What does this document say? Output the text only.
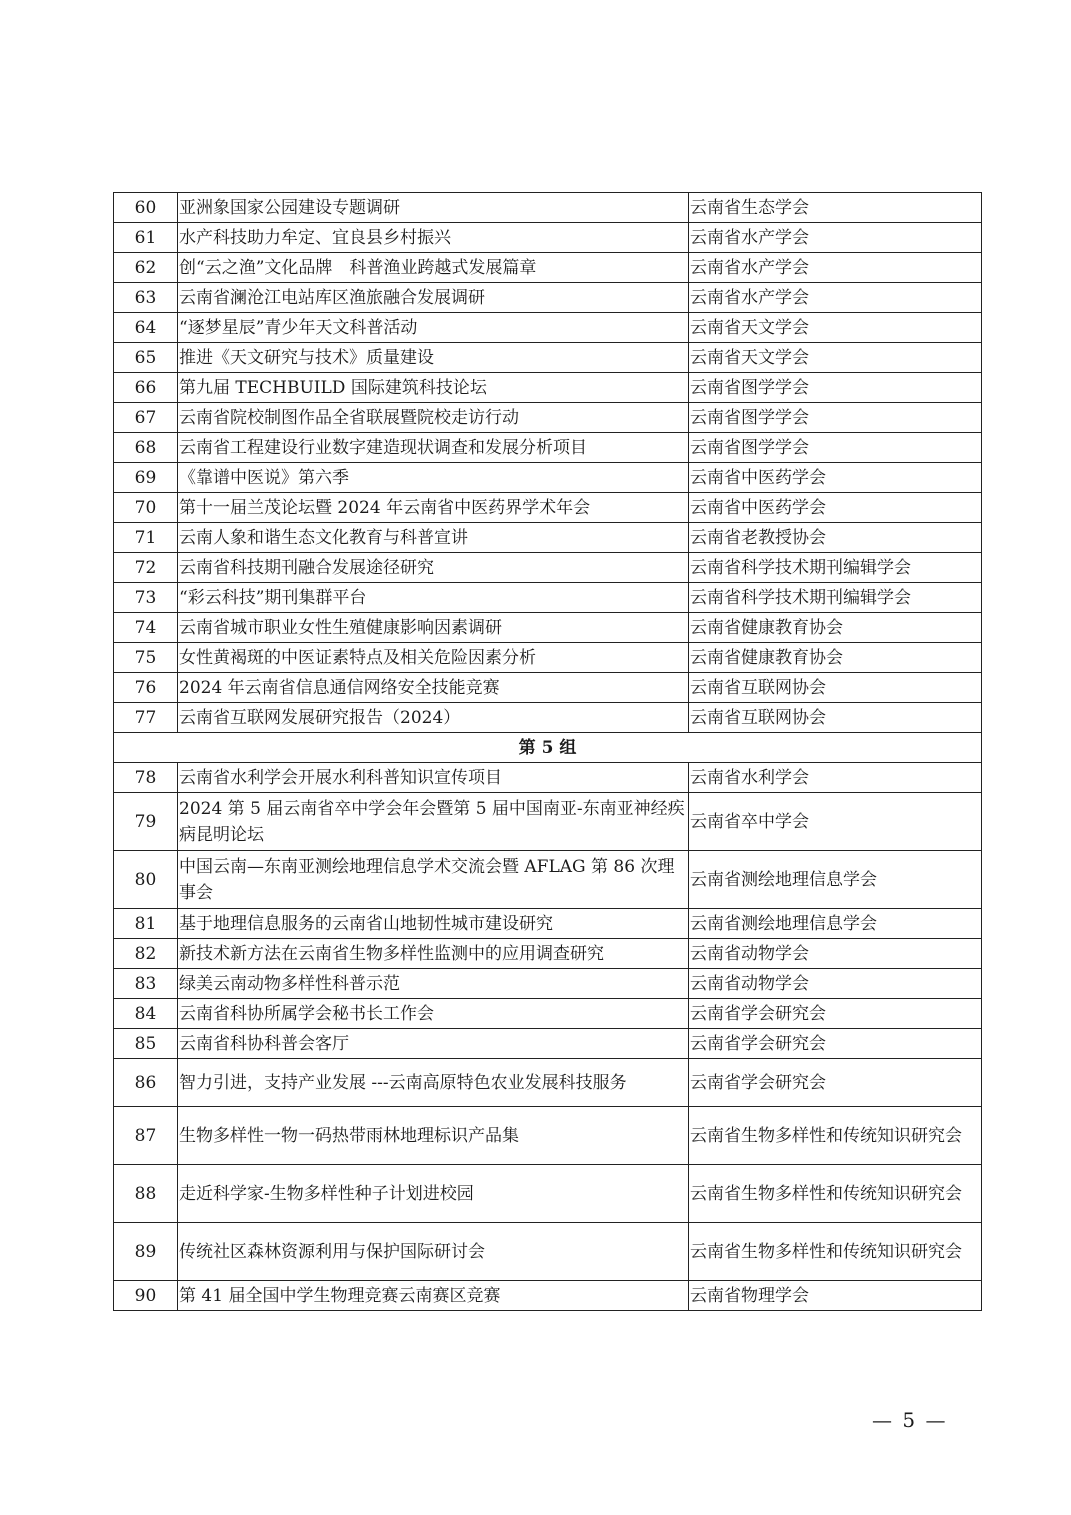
60	亚洲象国家公园建设专题调研	云南省生态学会
61	水产科技助力牟定、宜良县乡村振兴	云南省水产学会
62	创“云之渔”文化品牌　科普渔业跨越式发展篇章	云南省水产学会
63	云南省澜沧江电站库区渔旅融合发展调研	云南省水产学会
64	“逐梦星辰”青少年天文科普活动	云南省天文学会
65	推进《天文研究与技术》质量建设	云南省天文学会
66	第九届 TECHBUILD 国际建筑科技论坛	云南省图学学会
67	云南省院校制图作品全省联展暨院校走访行动	云南省图学学会
68	云南省工程建设行业数字建造现状调查和发展分析项目	云南省图学学会
69	《靠谱中医说》第六季	云南省中医药学会
70	第十一届兰茂论坛暨 2024 年云南省中医药界学术年会	云南省中医药学会
71	云南人象和谐生态文化教育与科普宣讲	云南省老教授协会
72	云南省科技期刊融合发展途径研究	云南省科学技术期刊编辑学会
73	“彩云科技”期刊集群平台	云南省科学技术期刊编辑学会
74	云南省城市职业女性生殖健康影响因素调研	云南省健康教育协会
75	女性黄褐斑的中医证素特点及相关危险因素分析	云南省健康教育协会
76	2024 年云南省信息通信网络安全技能竞赛	云南省互联网协会
77	云南省互联网发展研究报告（2024）	云南省互联网协会
第 5 组		
78	云南省水利学会开展水利科普知识宣传项目	云南省水利学会
79	2024 第 5 届云南省卒中学会年会暨第 5 届中国南亚-东南亚神经疾病昆明论坛	云南省卒中学会
80	中国云南—东南亚测绘地理信息学术交流会暨 AFLAG 第 86 次理事会	云南省测绘地理信息学会
81	基于地理信息服务的云南省山地韧性城市建设研究	云南省测绘地理信息学会
82	新技术新方法在云南省生物多样性监测中的应用调查研究	云南省动物学会
83	绿美云南动物多样性科普示范	云南省动物学会
84	云南省科协所属学会秘书长工作会	云南省学会研究会
85	云南省科协科普会客厅	云南省学会研究会
86	智力引进，支持产业发展 ---云南高原特色农业发展科技服务	云南省学会研究会
87	生物多样性一物一码热带雨林地理标识产品集	云南省生物多样性和传统知识研究会
88	走近科学家-生物多样性种子计划进校园	云南省生物多样性和传统知识研究会
89	传统社区森林资源利用与保护国际研讨会	云南省生物多样性和传统知识研究会
90	第 41 届全国中学生物理竞赛云南赛区竞赛	云南省物理学会
— 5 —
